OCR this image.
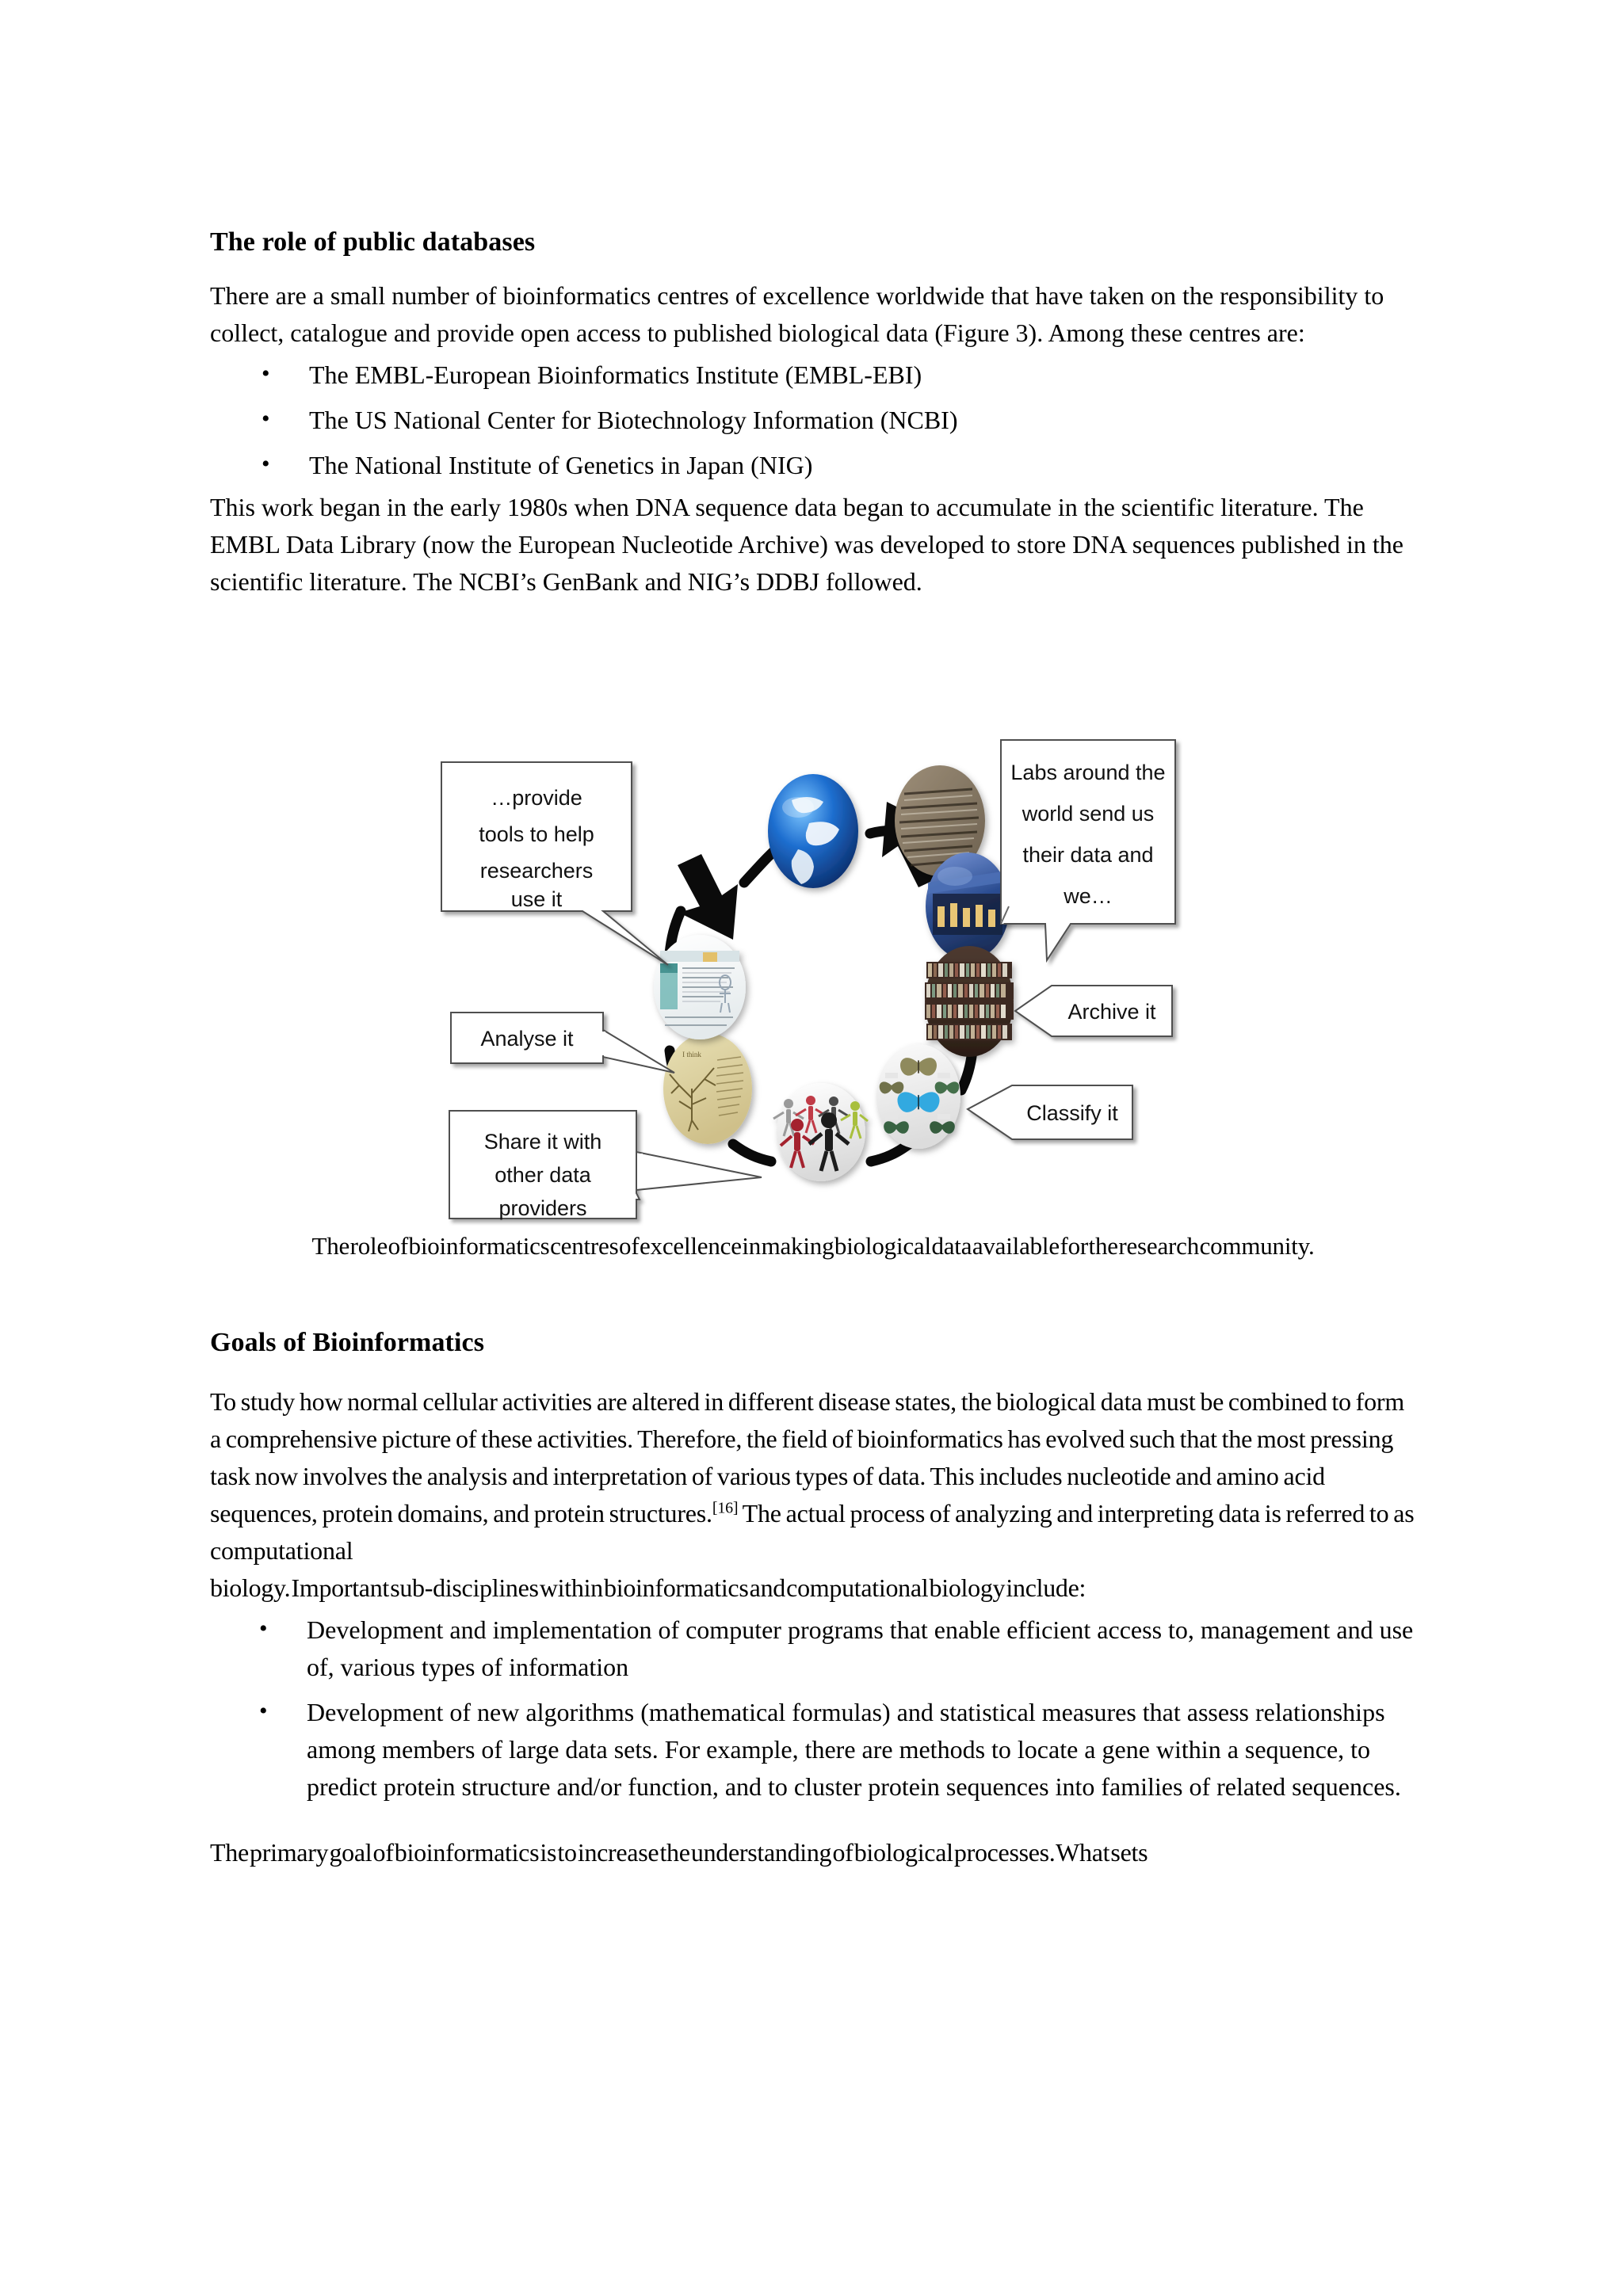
The role of public databases

There are a small number of bioinformatics centres of excellence worldwide that have taken on the responsibility to collect, catalogue and provide open access to published biological data (Figure 3). Among these centres are:

• The EMBL-European Bioinformatics Institute (EMBL-EBI)
• The US National Center for Biotechnology Information (NCBI)
• The National Institute of Genetics in Japan (NIG)

This work began in the early 1980s when DNA sequence data began to accumulate in the scientific literature. The EMBL Data Library (now the European Nucleotide Archive) was developed to store DNA sequences published in the scientific literature. The NCBI’s GenBank and NIG’s DDBJ followed.

I think
Labs around the
world send us
their data and
we…
Archive it
Classify it
Share it with
other data
providers
Analyse it
…provide
tools to help
researchers
use it
The role of bioinformatics centres of excellence in making biological data available for the research community.
Goals of Bioinformatics

To study how normal cellular activities are altered in different disease states, the biological data must be combined to form a comprehensive picture of these activities. Therefore, the field of bioinformatics has evolved such that the most pressing task now involves the analysis and interpretation of various types of data. This includes nucleotide and amino acid sequences, protein domains, and protein structures.[16] The actual process of analyzing and interpreting data is referred to as computational

biology. Important sub-disciplines within bioinformatics and computational biology include:

• Development and implementation of computer programs that enable efficient access to, management and use of, various types of information
• Development of new algorithms (mathematical formulas) and statistical measures that assess relationships among members of large data sets. For example, there are methods to locate a gene within a sequence, to predict protein structure and/or function, and to cluster protein sequences into families of related sequences.

The primary goal of bioinformatics is to increase the understanding of biological processes. What sets
